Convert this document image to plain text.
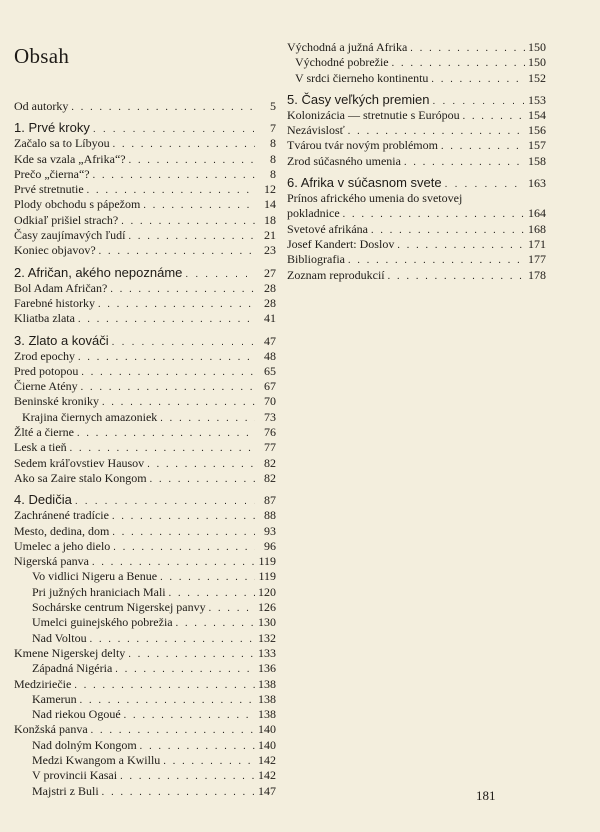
Obsah
Od autorky . . .	5
1. Prvé kroky . . .	7
Začalo sa to Líbyou . . .	8
Kde sa vzala „Afrika“? . . .	8
Prečo „čierna“? . . .	8
Prvé stretnutie . . .	12
Plody obchodu s pápežom . . .	14
Odkiaľ prišiel strach? . . .	18
Časy zaujímavých ľudí . . .	21
Koniec objavov? . . .	23
2. Afričan, akého nepoznáme . . .	27
Bol Adam Afričan? . . .	28
Farebné historky . . .	28
Kliatba zlata . . .	41
3. Zlato a kováči . . .	47
Zrod epochy . . .	48
Pred potopou . . .	65
Čierne Atény . . .	67
Beninské kroniky . . .	70
Krajina čiernych amazoniek . . .	73
Žlté a čierne . . .	76
Lesk a tieň . . .	77
Sedem kráľovstiev Hausov . . .	82
Ako sa Zaire stalo Kongom . . .	82
4. Dedičia . . .	87
Zachránené tradície . . .	88
Mesto, dedina, dom . . .	93
Umelec a jeho dielo . . .	96
Nigerská panva . . .	119
Vo vidlici Nigeru a Benue . . .	119
Pri južných hraniciach Mali . . .	120
Sochárske centrum Nigerskej panvy . . .	126
Umelci guinejského pobrežia . . .	130
Nad Voltou . . .	132
Kmene Nigerskej delty . . .	133
Západná Nigéria . . .	136
Medziriečie . . .	138
Kamerun . . .	138
Nad riekou Ogoué . . .	138
Konžská panva . . .	140
Nad dolným Kongom . . .	140
Medzi Kwangom a Kwillu . . .	142
V provincii Kasai . . .	142
Majstri z Buli . . .	147
Východná a južná Afrika . . .	150
Východné pobrežie . . .	150
V srdci čierneho kontinentu . . .	152
5. Časy veľkých premien . . .	153
Kolonizácia — stretnutie s Európou . . .	154
Nezávislosť . . .	156
Tvárou tvár novým problémom . . .	157
Zrod súčasného umenia . . .	158
6. Afrika v súčasnom svete . . .	163
Prínos afrického umenia do svetovej
pokladnice . . .	164
Svetové afrikána . . .	168
Josef Kandert: Doslov . . .	171
Bibliografia . . .	177
Zoznam reprodukcií . . .	178
181
